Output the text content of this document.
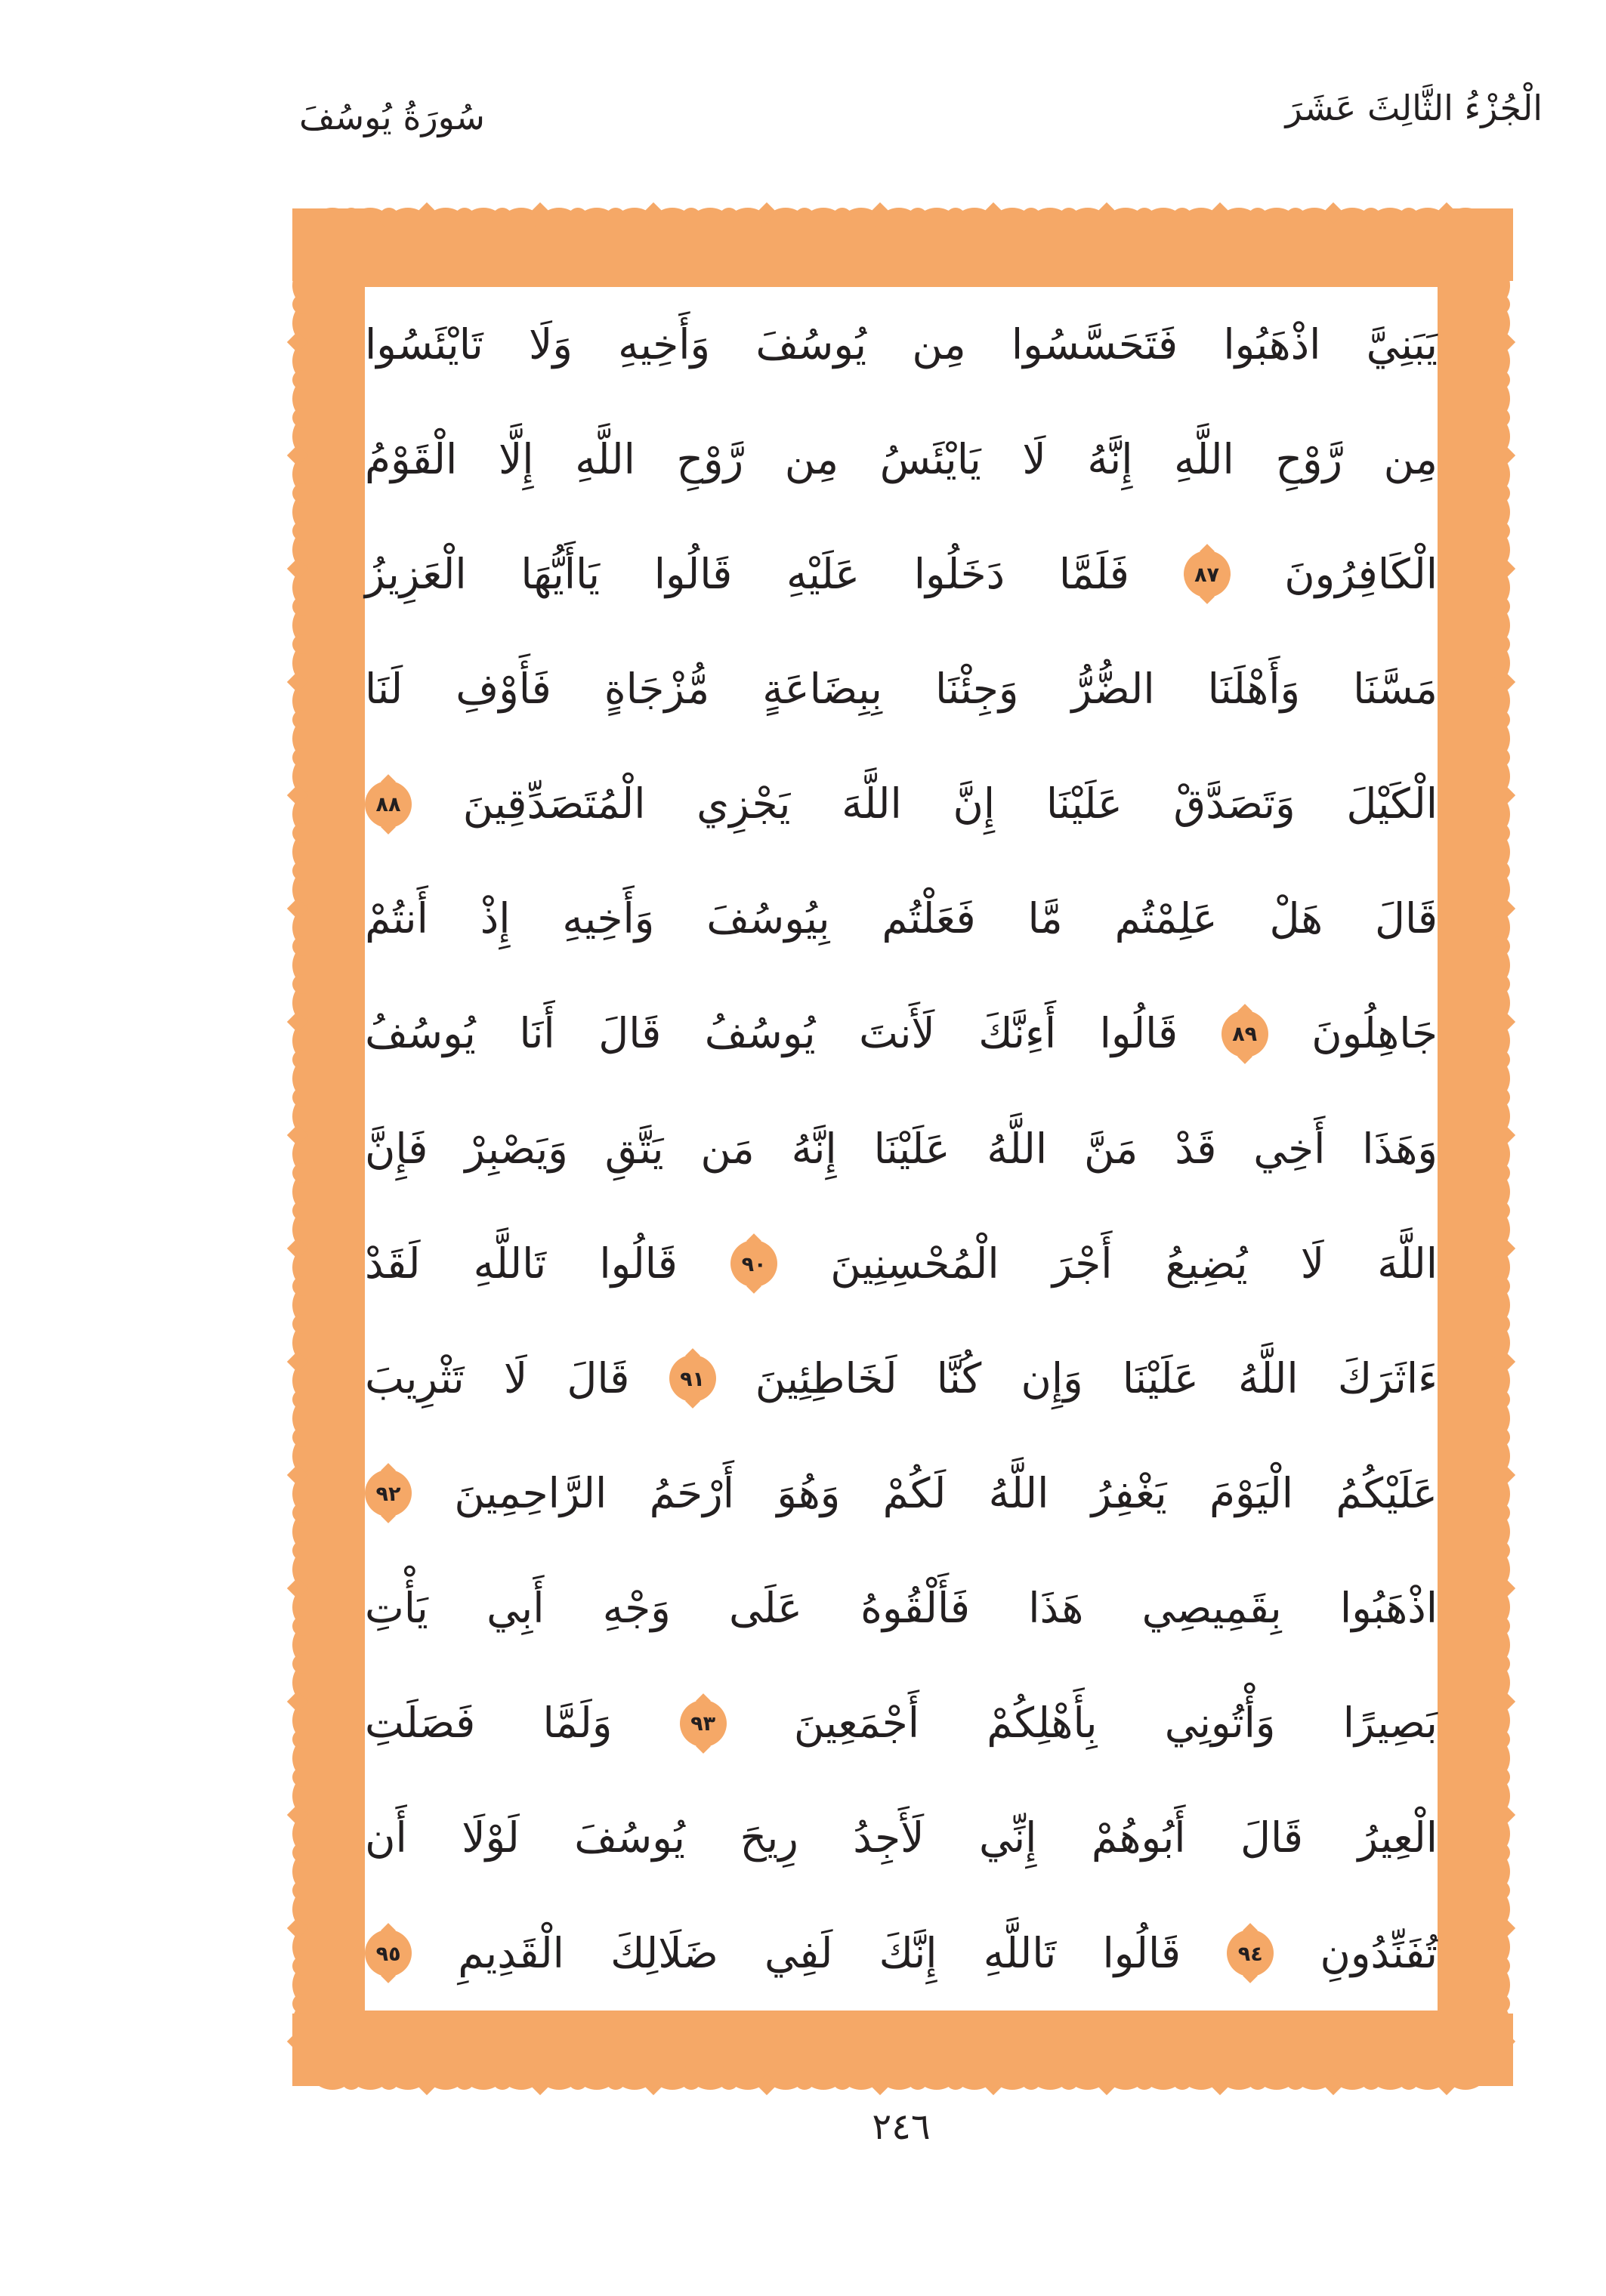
الْجُزْءُ الثَّالِثَ عَشَرَ
سُورَةُ يُوسُفَ
يَبَنِيَّ
اذْهَبُوا
فَتَحَسَّسُوا
مِن
يُوسُفَ
وَأَخِيهِ
وَلَا
تَايْئَسُوا
مِن
رَّوْحِ
اللَّهِ
إِنَّهُ
لَا
يَايْئَسُ
مِن
رَّوْحِ
اللَّهِ
إِلَّا
الْقَوْمُ
الْكَافِرُونَ
٨٧
فَلَمَّا
دَخَلُوا
عَلَيْهِ
قَالُوا
يَاأَيُّهَا
الْعَزِيزُ
مَسَّنَا
وَأَهْلَنَا
الضُّرُّ
وَجِئْنَا
بِبِضَاعَةٍ
مُّزْجَاةٍ
فَأَوْفِ
لَنَا
الْكَيْلَ
وَتَصَدَّقْ
عَلَيْنَا
إِنَّ
اللَّهَ
يَجْزِي
الْمُتَصَدِّقِينَ
٨٨
قَالَ
هَلْ
عَلِمْتُم
مَّا
فَعَلْتُم
بِيُوسُفَ
وَأَخِيهِ
إِذْ
أَنتُمْ
جَاهِلُونَ
٨٩
قَالُوا
أَءِنَّكَ
لَأَنتَ
يُوسُفُ
قَالَ
أَنَا
يُوسُفُ
وَهَذَا
أَخِي
قَدْ
مَنَّ
اللَّهُ
عَلَيْنَا
إِنَّهُ
مَن
يَتَّقِ
وَيَصْبِرْ
فَإِنَّ
اللَّهَ
لَا
يُضِيعُ
أَجْرَ
الْمُحْسِنِينَ
٩٠
قَالُوا
تَاللَّهِ
لَقَدْ
ءَاثَرَكَ
اللَّهُ
عَلَيْنَا
وَإِن
كُنَّا
لَخَاطِئِينَ
٩١
قَالَ
لَا
تَثْرِيبَ
عَلَيْكُمُ
الْيَوْمَ
يَغْفِرُ
اللَّهُ
لَكُمْ
وَهُوَ
أَرْحَمُ
الرَّاحِمِينَ
٩٢
اذْهَبُوا
بِقَمِيصِي
هَذَا
فَأَلْقُوهُ
عَلَى
وَجْهِ
أَبِي
يَأْتِ
بَصِيرًا
وَأْتُونِي
بِأَهْلِكُمْ
أَجْمَعِينَ
٩٣
وَلَمَّا
فَصَلَتِ
الْعِيرُ
قَالَ
أَبُوهُمْ
إِنِّي
لَأَجِدُ
رِيحَ
يُوسُفَ
لَوْلَا
أَن
تُفَنِّدُونِ
٩٤
قَالُوا
تَاللَّهِ
إِنَّكَ
لَفِي
ضَلَالِكَ
الْقَدِيمِ
٩٥
٢٤٦
